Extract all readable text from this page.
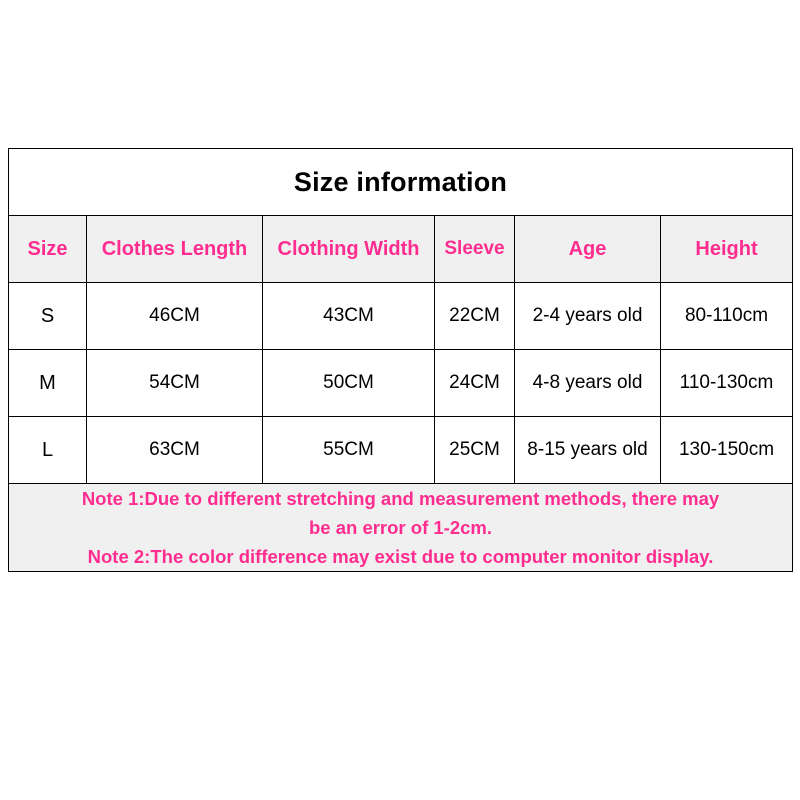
Size information					
Size	Clothes Length	Clothing Width	Sleeve	Age	Height
S	46CM	43CM	22CM	2-4 years old	80-110cm
M	54CM	50CM	24CM	4-8 years old	110-130cm
L	63CM	55CM	25CM	8-15 years old	130-150cm

Note 1:Due to different stretching and measurement methods, there may
be an error of 1-2cm.
Note 2:The color difference may exist due to computer monitor display.					
